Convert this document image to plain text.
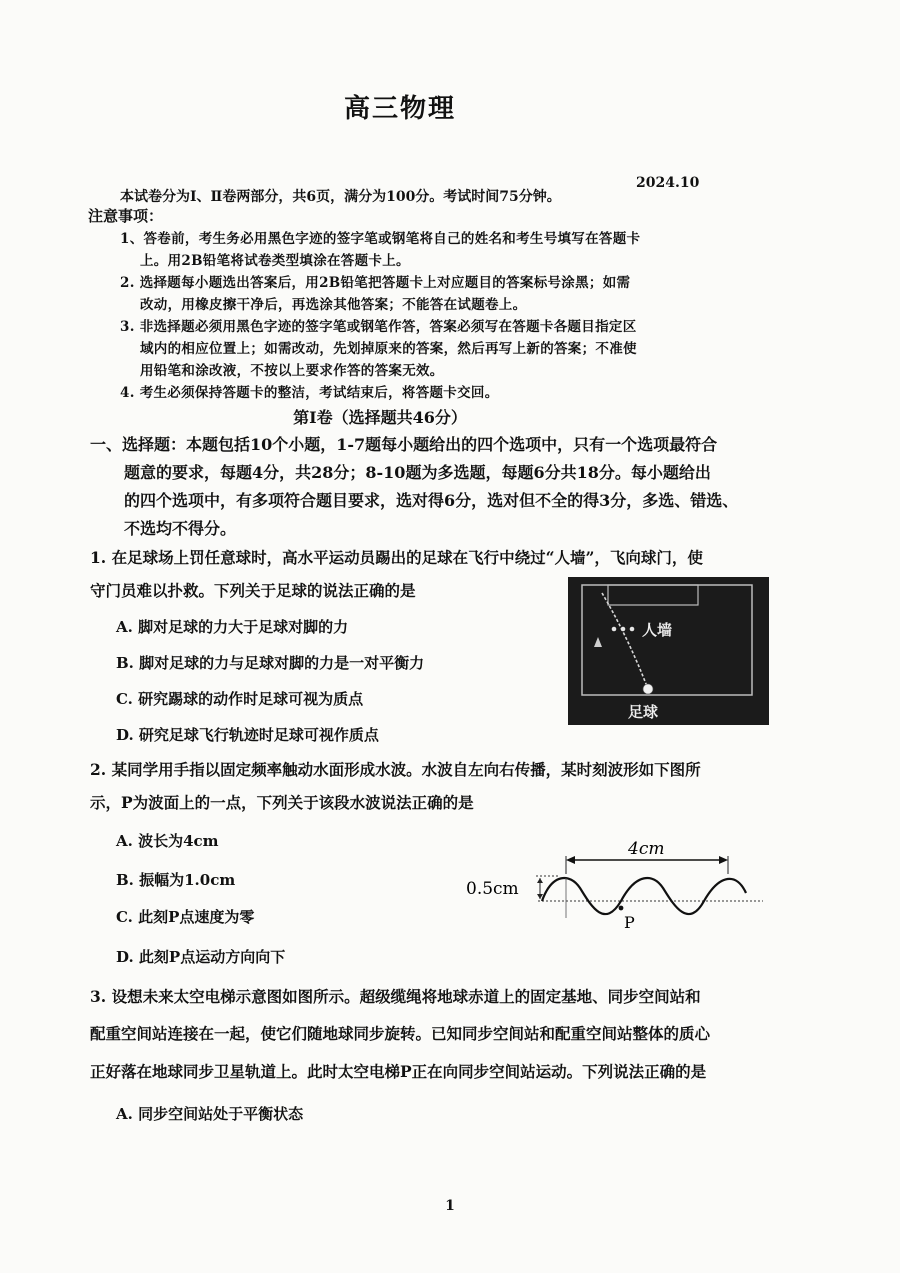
高三物理
2024.10
本试卷分为Ⅰ、Ⅱ卷两部分，共6页，满分为100分。考试时间75分钟。
注意事项：
1、答卷前，考生务必用黑色字迹的签字笔或钢笔将自己的姓名和考生号填写在答题卡
上。用2B铅笔将试卷类型填涂在答题卡上。
2. 选择题每小题选出答案后，用2B铅笔把答题卡上对应题目的答案标号涂黑；如需
改动，用橡皮擦干净后，再选涂其他答案；不能答在试题卷上。
3. 非选择题必须用黑色字迹的签字笔或钢笔作答，答案必须写在答题卡各题目指定区
域内的相应位置上；如需改动，先划掉原来的答案，然后再写上新的答案；不准使
用铅笔和涂改液，不按以上要求作答的答案无效。
4. 考生必须保持答题卡的整洁，考试结束后，将答题卡交回。
第Ⅰ卷（选择题共46分）
一、选择题：本题包括10个小题，1-7题每小题给出的四个选项中，只有一个选项最符合
题意的要求，每题4分，共28分；8-10题为多选题，每题6分共18分。每小题给出
的四个选项中，有多项符合题目要求，选对得6分，选对但不全的得3分，多选、错选、
不选均不得分。
1. 在足球场上罚任意球时，高水平运动员踢出的足球在飞行中绕过“人墙”，飞向球门，使
守门员难以扑救。下列关于足球的说法正确的是
A. 脚对足球的力大于足球对脚的力
B. 脚对足球的力与足球对脚的力是一对平衡力
C. 研究踢球的动作时足球可视为质点
D. 研究足球飞行轨迹时足球可视作质点
人墙
足球
2. 某同学用手指以固定频率触动水面形成水波。水波自左向右传播，某时刻波形如下图所
示，P为波面上的一点，下列关于该段水波说法正确的是
A. 波长为4cm
B. 振幅为1.0cm
C. 此刻P点速度为零
D. 此刻P点运动方向向下
4cm
0.5cm
P
3. 设想未来太空电梯示意图如图所示。超级缆绳将地球赤道上的固定基地、同步空间站和
配重空间站连接在一起，使它们随地球同步旋转。已知同步空间站和配重空间站整体的质心
正好落在地球同步卫星轨道上。此时太空电梯P正在向同步空间站运动。下列说法正确的是
A. 同步空间站处于平衡状态
1
